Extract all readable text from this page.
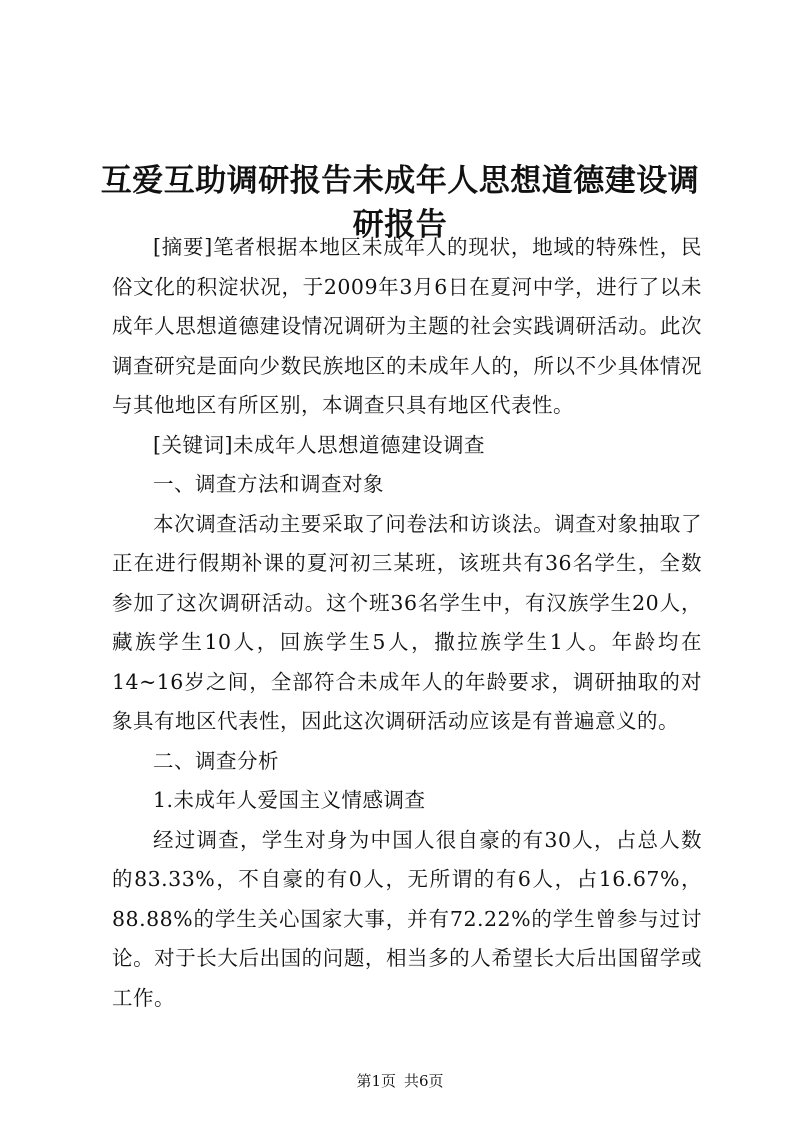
互爱互助调研报告未成年人思想道德建设调研报告

[摘要]笔者根据本地区未成年人的现状，地域的特殊性，民俗文化的积淀状况，于2009年3月6日在夏河中学，进行了以未成年人思想道德建设情况调研为主题的社会实践调研活动。此次调查研究是面向少数民族地区的未成年人的，所以不少具体情况与其他地区有所区别，本调查只具有地区代表性。

[关键词]未成年人思想道德建设调查

一、调查方法和调查对象

本次调查活动主要采取了问卷法和访谈法。调查对象抽取了正在进行假期补课的夏河初三某班，该班共有36名学生，全数参加了这次调研活动。这个班36名学生中，有汉族学生20人，藏族学生10人，回族学生5人，撒拉族学生1人。年龄均在14~16岁之间，全部符合未成年人的年龄要求，调研抽取的对象具有地区代表性，因此这次调研活动应该是有普遍意义的。

二、调查分析

1.未成年人爱国主义情感调查

经过调查，学生对身为中国人很自豪的有30人，占总人数的83.33%，不自豪的有0人，无所谓的有6人，占16.67%，88.88%的学生关心国家大事，并有72.22%的学生曾参与过讨论。对于长大后出国的问题，相当多的人希望长大后出国留学或工作。

第1页 共6页
